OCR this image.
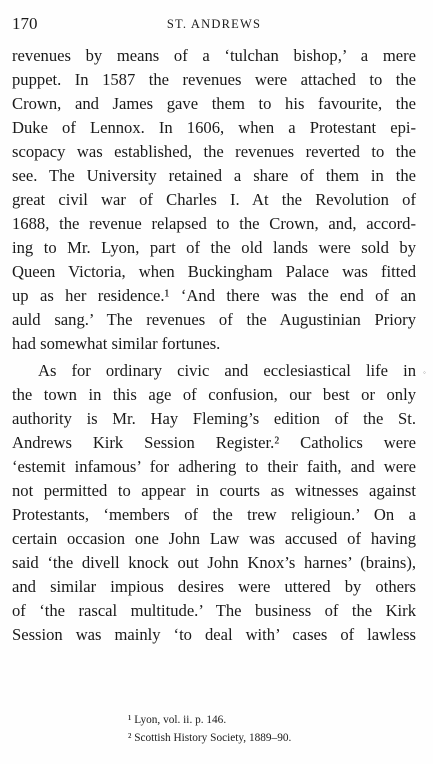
170	ST. ANDREWS
revenues by means of a ‘tulchan bishop,’ a mere
puppet. In 1587 the revenues were attached to the
Crown, and James gave them to his favourite, the
Duke of Lennox. In 1606, when a Protestant epi-
scopacy was established, the revenues reverted to the
see. The University retained a share of them in the
great civil war of Charles I. At the Revolution of
1688, the revenue relapsed to the Crown, and, accord-
ing to Mr. Lyon, part of the old lands were sold by
Queen Victoria, when Buckingham Palace was fitted
up as her residence.¹ ‘And there was the end of an
auld sang.’ The revenues of the Augustinian Priory
had somewhat similar fortunes.
As for ordinary civic and ecclesiastical life in
the town in this age of confusion, our best or only
authority is Mr. Hay Fleming’s edition of the St.
Andrews Kirk Session Register.² Catholics were
‘estemit infamous’ for adhering to their faith, and were
not permitted to appear in courts as witnesses against
Protestants, ‘members of the trew religioun.’ On a
certain occasion one John Law was accused of having
said ‘the divell knock out John Knox’s harnes’ (brains),
and similar impious desires were uttered by others
of ‘the rascal multitude.’ The business of the Kirk
Session was mainly ‘to deal with’ cases of lawless
¹ Lyon, vol. ii. p. 146.
² Scottish History Society, 1889–90.
◦
